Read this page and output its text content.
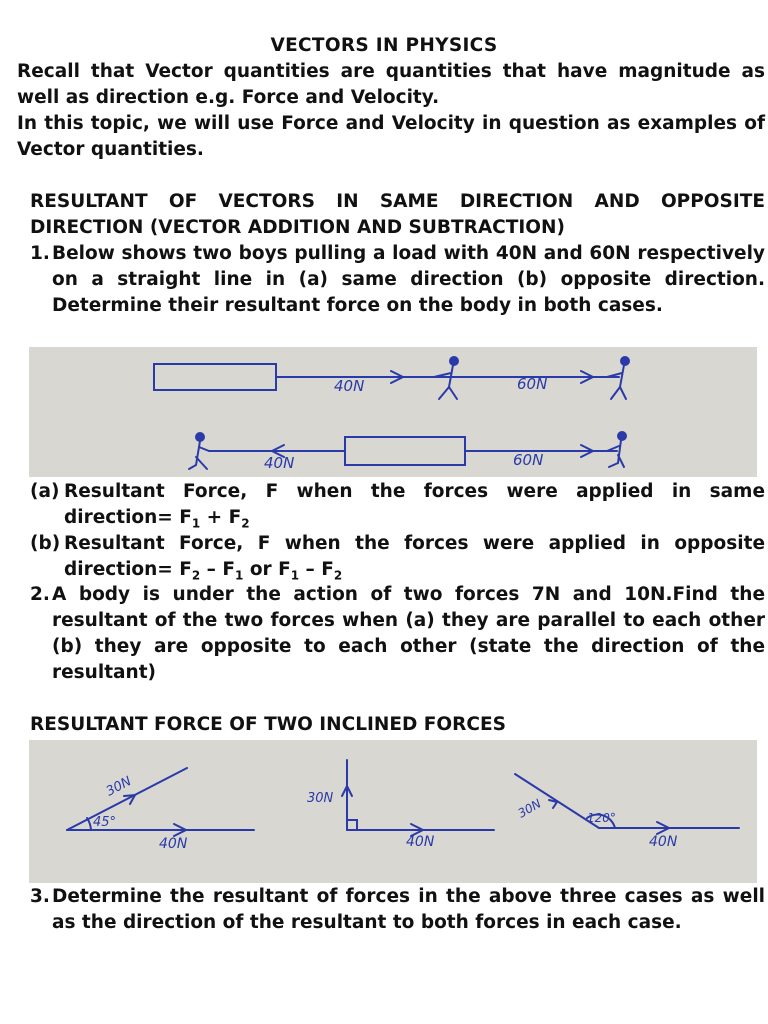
VECTORS IN PHYSICS
Recall that Vector quantities are quantities that have magnitude as well as direction e.g. Force and Velocity.
In this topic, we will use Force and Velocity in question as examples of Vector quantities.
RESULTANT OF VECTORS IN SAME DIRECTION AND OPPOSITE DIRECTION (VECTOR ADDITION AND SUBTRACTION)
1. Below shows two boys pulling a load with 40N and 60N respectively on a straight line in (a) same direction (b) opposite direction. Determine their resultant force on the body in both cases.
40N	60N
40N	60N
(a) Resultant Force, F when the forces were applied in same direction= $F_1 + F_2$
(b) Resultant Force, F when the forces were applied in opposite direction= $F_2 - F_1$ or $F_1 - F_2$
2. A body is under the action of two forces 7N and 10N.Find the resultant of the two forces when (a) they are parallel to each other (b) they are opposite to each other (state the direction of the resultant)
RESULTANT FORCE OF TWO INCLINED FORCES
30N
45°
40N
30N
40N
30N	120°
40N
3. Determine the resultant of forces in the above three cases as well as the direction of the resultant to both forces in each case.
